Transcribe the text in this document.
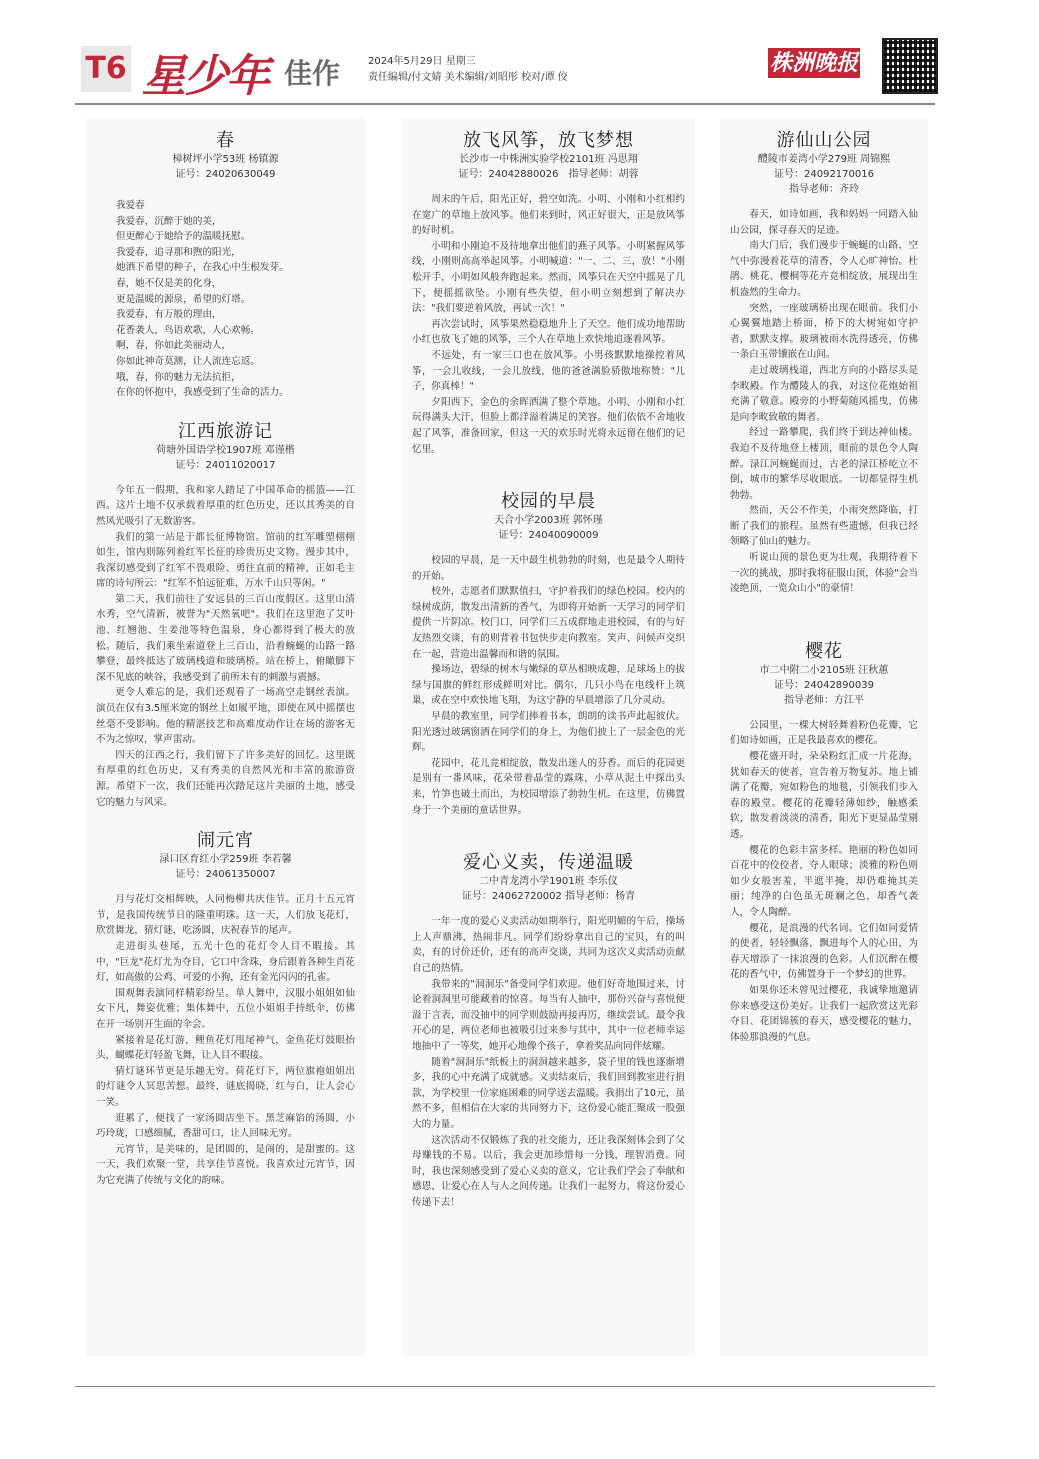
T6 星少年 佳作	2024年5月29日 星期三
责任编辑/付文婧 美术编辑/刘昭彤 校对/谭 佼
株洲晚报
春
樟树坪小学53班 杨镇源
证号：24020630049
我爱春
我爱春，沉醉于她的美，
但更醉心于她给予的温暖抚慰。
我爱春，追寻那和煦的阳光，
她洒下希望的种子，在我心中生根发芽。
春，她不仅是美的化身，
更是温暖的源泉，希望的灯塔。
我爱春，有万般的理由，
花香袭人，鸟语欢歌，人心欢畅。
啊，春，你如此美丽动人，
你如此神奇莫测，让人流连忘返。
哦，春，你的魅力无法抗拒，
在你的怀抱中，我感受到了生命的活力。
江西旅游记
荷塘外国语学校1907班 邓谨楷
证号：24011020017

今年五一假期，我和家人踏足了中国革命的摇篮——江西。这片土地不仅承载着厚重的红色历史，还以其秀美的自然风光吸引了无数游客。

我们的第一站是于都长征博物馆。馆前的红军雕塑栩栩如生，馆内则陈列着红军长征的珍贵历史文物。漫步其中，我深切感受到了红军不畏艰险、勇往直前的精神，正如毛主席的诗句所云："红军不怕远征难，万水千山只等闲。"

第二天，我们前往了安远县的三百山度假区。这里山清水秀，空气清新，被誉为"天然氧吧"。我们在这里泡了艾叶池、红翘池、生姜池等特色温泉，身心都得到了极大的放松。随后，我们乘坐索道登上三百山，沿着蜿蜒的山路一路攀登，最终抵达了玻璃栈道和玻璃桥。站在桥上，俯瞰脚下深不见底的峡谷，我感受到了前所未有的刺激与震撼。

更令人难忘的是，我们还观看了一场高空走钢丝表演。演员在仅有3.5厘米宽的钢丝上如履平地，即使在风中摇摆也丝毫不受影响。他的精湛技艺和高难度动作让在场的游客无不为之惊叹，掌声雷动。

四天的江西之行，我们留下了许多美好的回忆。这里既有厚重的红色历史，又有秀美的自然风光和丰富的旅游资源。希望下一次，我们还能再次踏足这片美丽的土地，感受它的魅力与风采。

闹元宵
渌口区育红小学259班 李若馨
证号：24061350007

月与花灯交相辉映，人同梅柳共庆佳节。正月十五元宵节，是我国传统节日的隆重明珠。这一天，人们放飞花灯，欣赏舞龙，猜灯谜，吃汤圆，庆祝春节的尾声。

走进街头巷尾，五光十色的花灯令人目不暇接。其中，"巨龙"花灯尤为夺目，它口中含珠，身后跟着各种生肖花灯，如高傲的公鸡、可爱的小狗，还有金光闪闪的孔雀。

围观舞表演同样精彩纷呈。单人舞中，汉服小姐姐如仙女下凡，舞姿优雅；集体舞中，五位小姐姐手持纸伞，仿佛在开一场别开生面的伞会。

紧接着是花灯游，鲤鱼花灯甩尾神气，金鱼花灯鼓眼抬头，蝴蝶花灯轻盈飞舞，让人目不暇接。

猜灯谜环节更是乐趣无穷。荷花灯下，两位旗袍姐姐出的灯谜令人冥思苦想。最终，谜底揭晓，红与白，让人会心一笑。

逛累了，便找了一家汤圆店坐下。黑芝麻馅的汤圆，小巧玲珑，口感细腻，香甜可口，让人回味无穷。

元宵节，是美味的，是团圆的，是闹的，是甜蜜的。这一天，我们欢聚一堂，共享佳节喜悦。我喜欢过元宵节，因为它充满了传统与文化的韵味。

放飞风筝，放飞梦想
长沙市一中株洲实验学校2101班 冯思翔
证号：24042880026　指导老师：胡蓉

周末的午后，阳光正好，碧空如洗。小明、小刚和小红相约在宽广的草地上放风筝。他们来到时，风正好很大，正是放风筝的好时机。

小明和小刚迫不及待地拿出他们的燕子风筝。小明紧握风筝线，小刚则高高举起风筝。小明喊道："一、二、三，放！"小刚松开手，小明如风般奔跑起来。然而，风筝只在天空中摇晃了几下，便摇摇欲坠。小刚有些失望，但小明立刻想到了解决办法："我们要逆着风放，再试一次！"

再次尝试时，风筝果然稳稳地升上了天空。他们成功地帮助小红也放飞了她的风筝，三个人在草地上欢快地追逐着风筝。

不远处，有一家三口也在放风筝。小男孩默默地操控着风筝，一会儿收线，一会儿放线，他的爸爸满脸骄傲地称赞："儿子，你真棒！"

夕阳西下，金色的余晖洒满了整个草地。小明、小刚和小红玩得满头大汗，但脸上都洋溢着满足的笑容。他们依依不舍地收起了风筝，准备回家，但这一天的欢乐时光将永远留在他们的记忆里。

校园的早晨
天合小学2003班 郭怀瑾
证号：24040090009

校园的早晨，是一天中最生机勃勃的时刻，也是最令人期待的开始。

校外，志愿者们默默值扫，守护着我们的绿色校园。校内的绿树成荫，散发出清新的香气，为即将开始新一天学习的同学们提供一片阴凉。校门口，同学们三五成群地走进校园，有的与好友热烈交谈，有的则背着书包快步走向教室。笑声、问候声交织在一起，营造出温馨而和谐的氛围。

操场边，碧绿的树木与嫩绿的草丛相映成趣，足球场上的拔绿与国旗的鲜红形成鲜明对比。偶尔，几只小鸟在电线杆上筑巢，或在空中欢快地飞翔，为这宁静的早晨增添了几分灵动。

早晨的教室里，同学们捧着书本，朗朗的读书声此起彼伏。阳光透过玻璃窗洒在同学们的身上，为他们披上了一层金色的光辉。

花园中，花儿竞相绽放，散发出迷人的芬香。而后的花园更是别有一番风味，花朵带着晶莹的露珠，小草从泥土中探出头来，竹笋也破土而出，为校园增添了勃勃生机。在这里，仿佛置身于一个美丽的童话世界。

爱心义卖，传递温暖
二中青龙湾小学1901班 李乐仪
证号：24062720002 指导老师：杨青

一年一度的爱心义卖活动如期举行，阳光明媚的午后，操场上人声鼎沸，热闹非凡。同学们纷纷拿出自己的宝贝，有的叫卖，有的讨价还价，还有的高声交谈，共同为这次义卖活动贡献自己的热情。

我带来的"洞洞乐"备受同学们欢迎。他们好奇地围过来，讨论着洞洞里可能藏着的惊喜。每当有人抽中，那份兴奋与喜悦便溢于言表，而没抽中的同学则鼓励再接再厉，继续尝试。最令我开心的是，两位老师也被吸引过来参与其中，其中一位老师幸运地抽中了一等奖，她开心地像个孩子，拿着奖品向同伴炫耀。

随着"洞洞乐"纸板上的洞洞越来越多，袋子里的钱也逐渐增多，我的心中充满了成就感。义卖结束后，我们回到教室进行捐款，为学校里一位家庭困难的同学送去温暖。我捐出了10元，虽然不多，但相信在大家的共同努力下，这份爱心能汇聚成一股强大的力量。

这次活动不仅锻炼了我的社交能力，还让我深刻体会到了父母赚钱的不易。以后，我会更加珍惜每一分钱，理智消费。同时，我也深刻感受到了爱心义卖的意义，它让我们学会了奉献和感恩，让爱心在人与人之间传递。让我们一起努力，将这份爱心传递下去！

游仙山公园
醴陵市姜湾小学279班 周锦熙
证号：24092170016
指导老师：齐玲

春天，如诗如画，我和妈妈一同踏入仙山公园，探寻春天的足迹。

南大门后，我们漫步于蜿蜒的山路，空气中弥漫着花草的清香，令人心旷神怡。杜鹃、桃花、樱桐等花卉竞相绽放，展现出生机盎然的生命力。

突然，一座玻璃桥出现在眼前。我们小心翼翼地踏上桥面，桥下的大树宛如守护者，默默支撑。玻璃被雨水洗得透亮，仿佛一条白玉带镶嵌在山间。

走过玻璃栈道，西北方向的小路尽头是李畋殿。作为醴陵人的我，对这位花炮始祖充满了敬意。殿旁的小野菊随风摇曳，仿佛是向李畋致敬的舞者。

经过一路攀爬，我们终于到达神仙楼。我迫不及待地登上楼顶，眼前的景色令人陶醉。渌江河蜿蜒而过，古老的渌江桥屹立不倒，城市的繁华尽收眼底。一切都显得生机勃勃。

然而，天公不作美，小雨突然降临，打断了我们的旅程。虽然有些遗憾，但我已经领略了仙山的魅力。

听说山顶的景色更为壮观，我期待着下一次的挑战，那时我将征服山顶，体验"会当凌绝顶，一览众山小"的豪情！

樱花
市二中附二小2105班 汪秋蕙
证号：24042890039
指导老师：方江平

公园里，一棵大树轻舞着粉色花瓣，它们如诗如画，正是我最喜欢的樱花。

樱花盛开时，朵朵粉红汇成一片花海，犹如春天的使者，宣告着万物复苏。地上铺满了花瓣，宛如粉色的地毯，引领我们步入春的殿堂。樱花的花瓣轻薄如纱，触感柔软，散发着淡淡的清香，阳光下更显晶莹剔透。

樱花的色彩丰富多样。艳丽的粉色如同百花中的佼佼者，夺人眼球；淡雅的粉色则如少女般害羞，半遮半掩，却仍难掩其美丽；纯净的白色虽无斑斓之色，却香气袭人，令人陶醉。

樱花，是浪漫的代名词。它们如同爱情的使者，轻轻飘落，飘进每个人的心田，为春天增添了一抹浪漫的色彩。人们沉醉在樱花的香气中，仿佛置身于一个梦幻的世界。

如果你还未曾见过樱花，我诚挚地邀请你来感受这份美好。让我们一起欣赏这光彩夺目、花团锦簇的春天，感受樱花的魅力，体验那浪漫的气息。
